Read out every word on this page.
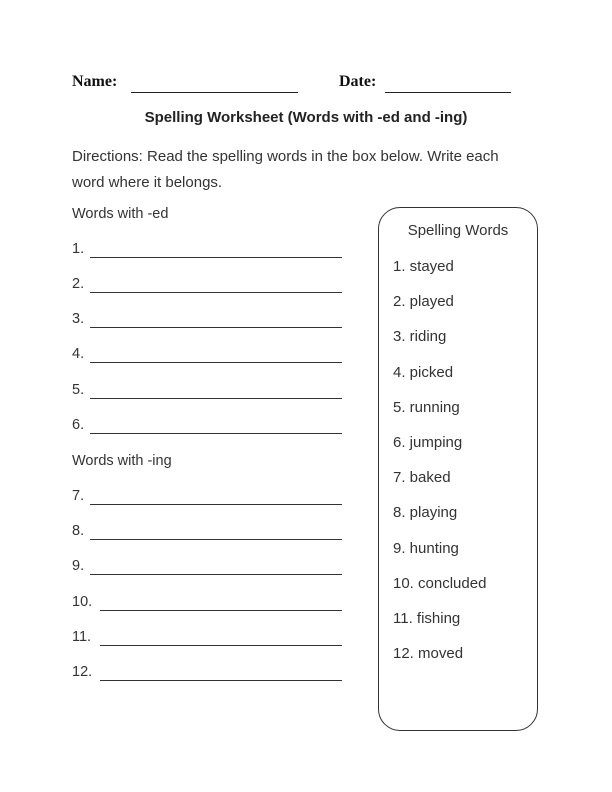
Name:	Date:
Spelling Worksheet (Words with -ed and -ing)
Directions: Read the spelling words in the box below. Write each word where it belongs.
Words with -ed
1.
2.
3.
4.
5.
6.
Words with -ing
7.
8.
9.
10.
11.
12.
Spelling Words
1. stayed
2. played
3. riding
4. picked
5. running
6. jumping
7. baked
8. playing
9. hunting
10. concluded
11. fishing
12. moved
